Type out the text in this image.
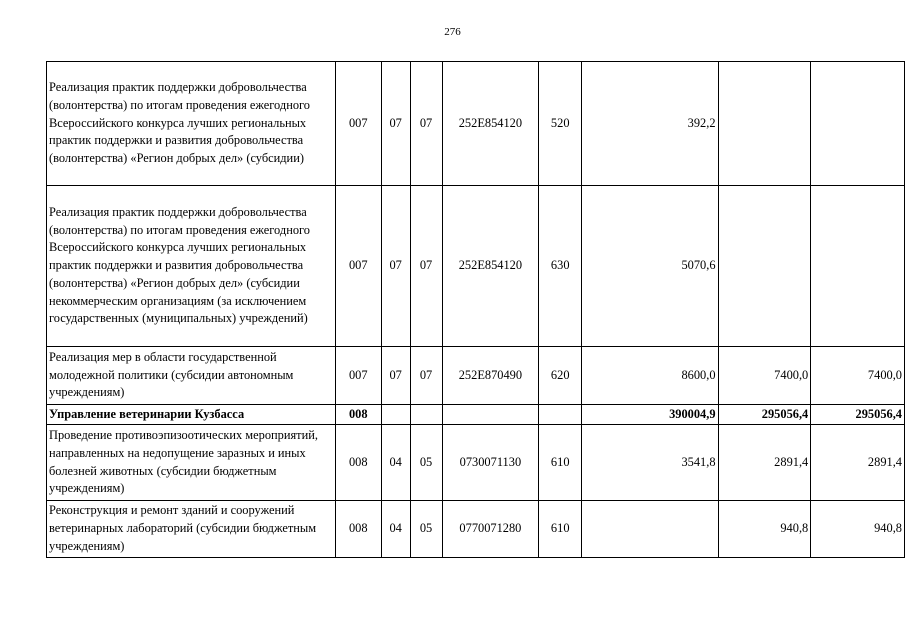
276
Реализация практик поддержки добровольчества (волонтерства) по итогам проведения ежегодного Всероссийского конкурса лучших региональных практик поддержки и развития добровольчества (волонтерства) «Регион добрых дел» (субсидии)	007	07	07	252Е854120	520	392,2		
Реализация практик поддержки добровольчества (волонтерства) по итогам проведения ежегодного Всероссийского конкурса лучших региональных практик поддержки и развития добровольчества (волонтерства) «Регион добрых дел» (субсидии некоммерческим организациям (за исключением государственных (муниципальных) учреждений)	007	07	07	252Е854120	630	5070,6		
Реализация мер в области государственной молодежной политики (субсидии автономным учреждениям)	007	07	07	252Е870490	620	8600,0	7400,0	7400,0
Управление ветеринарии Кузбасса	008					390004,9	295056,4	295056,4
Проведение противоэпизоотических мероприятий, направленных на недопущение заразных и иных болезней животных (субсидии бюджетным учреждениям)	008	04	05	0730071130	610	3541,8	2891,4	2891,4
Реконструкция и ремонт зданий и сооружений ветеринарных лабораторий (субсидии бюджетным учреждениям)	008	04	05	0770071280	610		940,8	940,8
